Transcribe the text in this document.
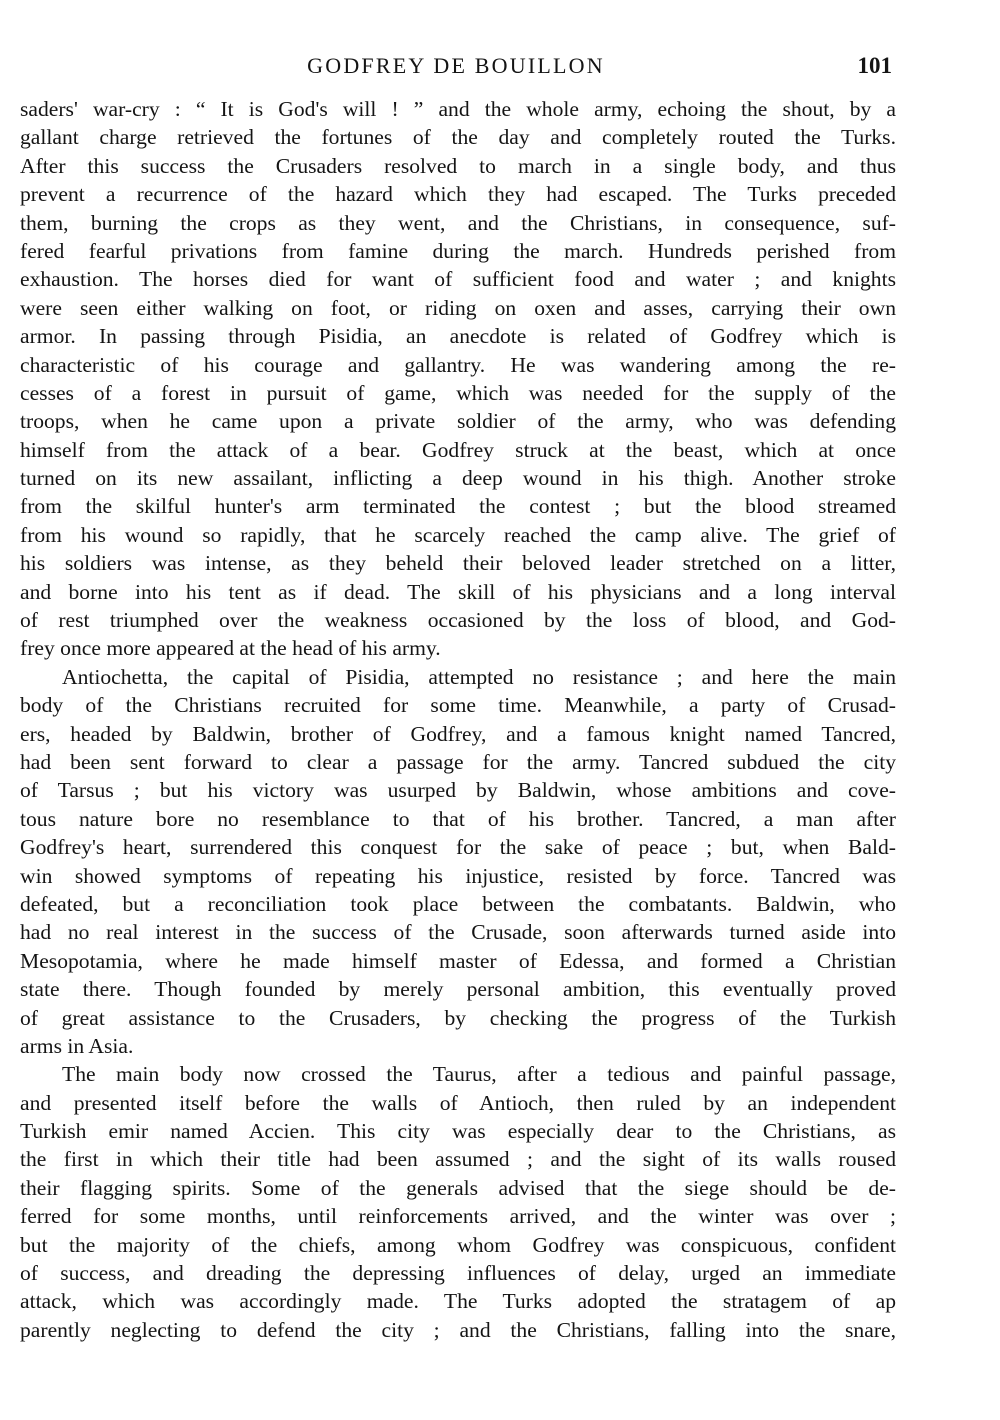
GODFREY DE BOUILLON	101
saders' war-cry : “ It is God's will ! ” and the whole army, echoing the shout, by a
gallant charge retrieved the fortunes of the day and completely routed the Turks.
After this success the Crusaders resolved to march in a single body, and thus
prevent a recurrence of the hazard which they had escaped. The Turks preceded
them, burning the crops as they went, and the Christians, in consequence, suf-
fered fearful privations from famine during the march. Hundreds perished from
exhaustion. The horses died for want of sufficient food and water ; and knights
were seen either walking on foot, or riding on oxen and asses, carrying their own
armor. In passing through Pisidia, an anecdote is related of Godfrey which is
characteristic of his courage and gallantry. He was wandering among the re-
cesses of a forest in pursuit of game, which was needed for the supply of the
troops, when he came upon a private soldier of the army, who was defending
himself from the attack of a bear. Godfrey struck at the beast, which at once
turned on its new assailant, inflicting a deep wound in his thigh. Another stroke
from the skilful hunter's arm terminated the contest ; but the blood streamed
from his wound so rapidly, that he scarcely reached the camp alive. The grief of
his soldiers was intense, as they beheld their beloved leader stretched on a litter,
and borne into his tent as if dead. The skill of his physicians and a long interval
of rest triumphed over the weakness occasioned by the loss of blood, and God-
frey once more appeared at the head of his army.
Antiochetta, the capital of Pisidia, attempted no resistance ; and here the main
body of the Christians recruited for some time. Meanwhile, a party of Crusad-
ers, headed by Baldwin, brother of Godfrey, and a famous knight named Tancred,
had been sent forward to clear a passage for the army. Tancred subdued the city
of Tarsus ; but his victory was usurped by Baldwin, whose ambitions and cove-
tous nature bore no resemblance to that of his brother. Tancred, a man after
Godfrey's heart, surrendered this conquest for the sake of peace ; but, when Bald-
win showed symptoms of repeating his injustice, resisted by force. Tancred was
defeated, but a reconciliation took place between the combatants. Baldwin, who
had no real interest in the success of the Crusade, soon afterwards turned aside into
Mesopotamia, where he made himself master of Edessa, and formed a Christian
state there. Though founded by merely personal ambition, this eventually proved
of great assistance to the Crusaders, by checking the progress of the Turkish
arms in Asia.
The main body now crossed the Taurus, after a tedious and painful passage,
and presented itself before the walls of Antioch, then ruled by an independent
Turkish emir named Accien. This city was especially dear to the Christians, as
the first in which their title had been assumed ; and the sight of its walls roused
their flagging spirits. Some of the generals advised that the siege should be de-
ferred for some months, until reinforcements arrived, and the winter was over ;
but the majority of the chiefs, among whom Godfrey was conspicuous, confident
of success, and dreading the depressing influences of delay, urged an immediate
attack, which was accordingly made. The Turks adopted the stratagem of ap
parently neglecting to defend the city ; and the Christians, falling into the snare,
